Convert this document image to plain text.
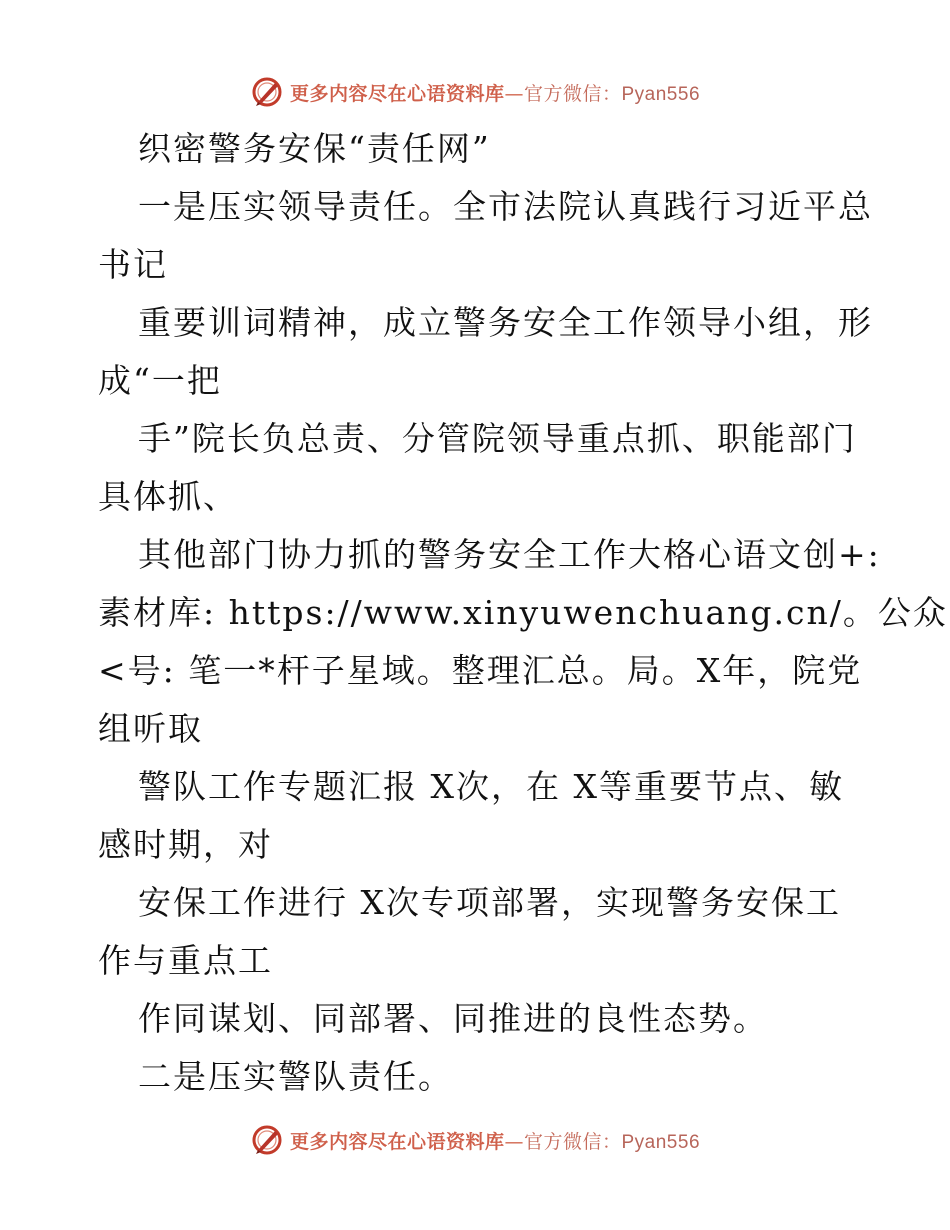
更多内容尽在心语资料库—官方微信：Pyan556
织密警务安保“责任网”
一是压实领导责任。全市法院认真践行习近平总
书记
重要训词精神，成立警务安全工作领导小组，形
成“一把
手”院长负总责、分管院领导重点抓、职能部门
具体抓、
其他部门协力抓的警务安全工作大格心语文创+:
素材库: https://www.xinyuwenchuang.cn/。公众
<号: 笔一*杆子星域。整理汇总。局。X年，院党
组听取
警队工作专题汇报 X次，在 X等重要节点、敏
感时期，对
安保工作进行 X次专项部署，实现警务安保工
作与重点工
作同谋划、同部署、同推进的良性态势。
二是压实警队责任。
更多内容尽在心语资料库—官方微信：Pyan556
